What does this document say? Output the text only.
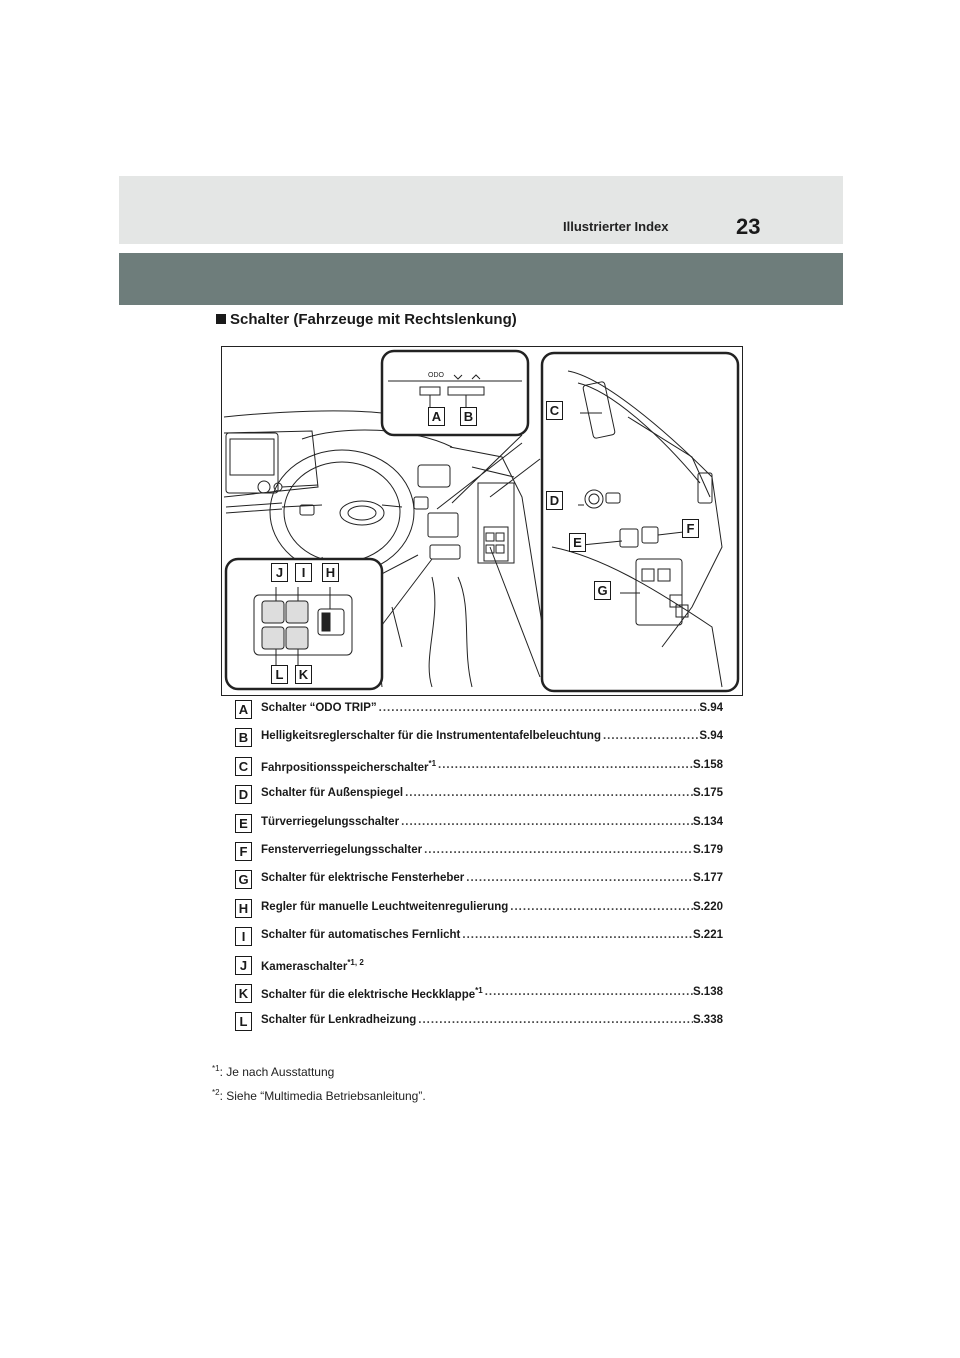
Illustrierter Index	23
Schalter (Fahrzeuge mit Rechtslenkung)
ODO
A B	C
D
E
F
G
H
I
J
K
L
A	Schalter “ODO TRIP” .....	S.94
B	Helligkeitsreglerschalter für die Instrumententafelbeleuchtung .....	S.94
C	Fahrpositionsspeicherschalter$^{*1}$ .....	S.158
D	Schalter für Außenspiegel .....	S.175
E	Türverriegelungsschalter .....	S.134
F	Fensterverriegelungsschalter .....	S.179
G Schalter für elektrische Fensterheber .....	S.177
H	Regler für manuelle Leuchtweitenregulierung .....	S.220
I	Schalter für automatisches Fernlicht .....	S.221
J	Kameraschalter$^{*1, 2}$
K	Schalter für die elektrische Heckklappe$^{*1}$ .....	S.138
L	Schalter für Lenkradheizung .....	S.338
$^{*1}$: Je nach Ausstattung
$^{*2}$: Siehe “Multimedia Betriebsanleitung”.
